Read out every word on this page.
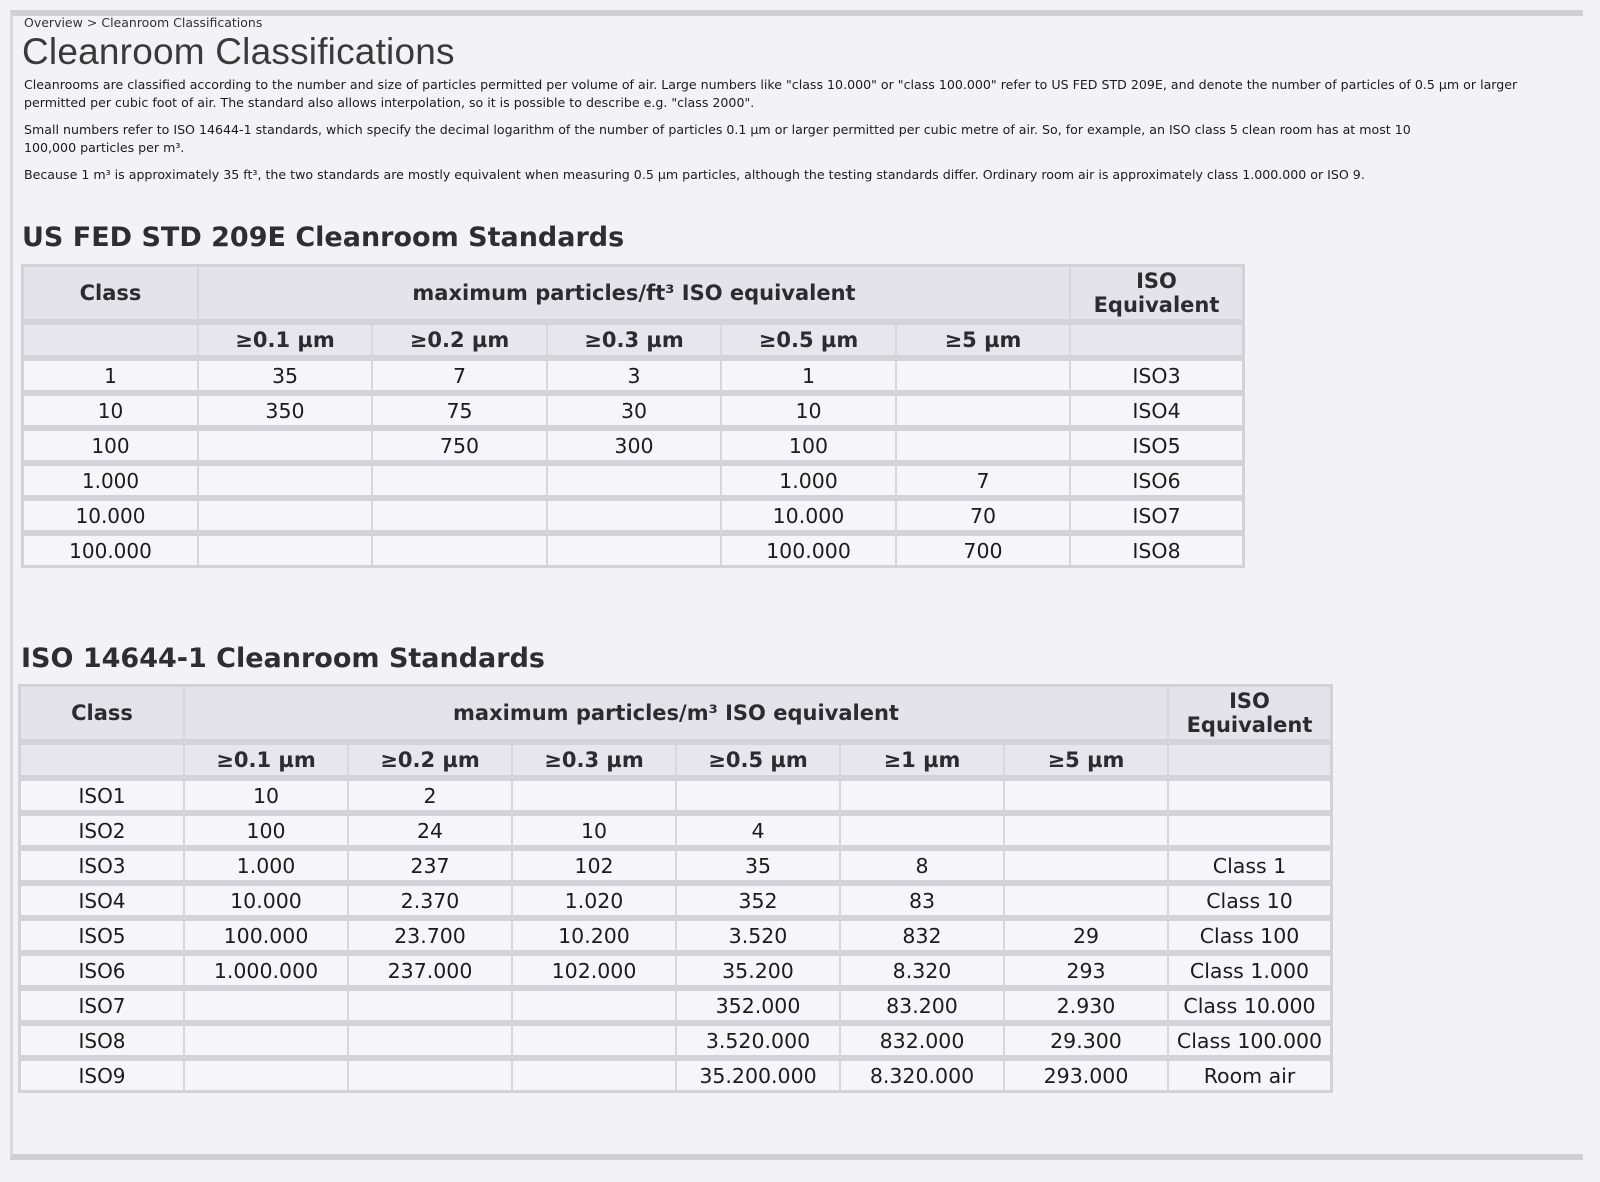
Overview > Cleanroom Classifications
Cleanroom Classifications

Cleanrooms are classified according to the number and size of particles permitted per volume of air. Large numbers like "class 10.000" or "class 100.000" refer to US FED STD 209E, and denote the number of particles of 0.5 µm or larger permitted per cubic foot of air. The standard also allows interpolation, so it is possible to describe e.g. "class 2000".

Small numbers refer to ISO 14644-1 standards, which specify the decimal logarithm of the number of particles 0.1 µm or larger permitted per cubic metre of air. So, for example, an ISO class 5 clean room has at most 10
100,000 particles per m³.

Because 1 m³ is approximately 35 ft³, the two standards are mostly equivalent when measuring 0.5 µm particles, although the testing standards differ. Ordinary room air is approximately class 1.000.000 or ISO 9.

US FED STD 209E Cleanroom Standards
Class	maximum particles/ft³ ISO equivalent					ISO Equivalent
	≥0.1 µm	≥0.2 µm	≥0.3 µm	≥0.5 µm	≥5 µm	
1	35	7	3	1		ISO3
10	350	75	30	10		ISO4
100		750	300	100		ISO5
1.000				1.000	7	ISO6
10.000				10.000	70	ISO7
100.000				100.000	700	ISO8
ISO 14644-1 Cleanroom Standards
Class	maximum particles/m³ ISO equivalent						ISO Equivalent
	≥0.1 µm	≥0.2 µm	≥0.3 µm	≥0.5 µm	≥1 µm	≥5 µm	
ISO1	10	2					
ISO2	100	24	10	4			
ISO3	1.000	237	102	35	8		Class 1
ISO4	10.000	2.370	1.020	352	83		Class 10
ISO5	100.000	23.700	10.200	3.520	832	29	Class 100
ISO6	1.000.000	237.000	102.000	35.200	8.320	293	Class 1.000
ISO7				352.000	83.200	2.930	Class 10.000
ISO8				3.520.000	832.000	29.300	Class 100.000
ISO9				35.200.000	8.320.000	293.000	Room air
